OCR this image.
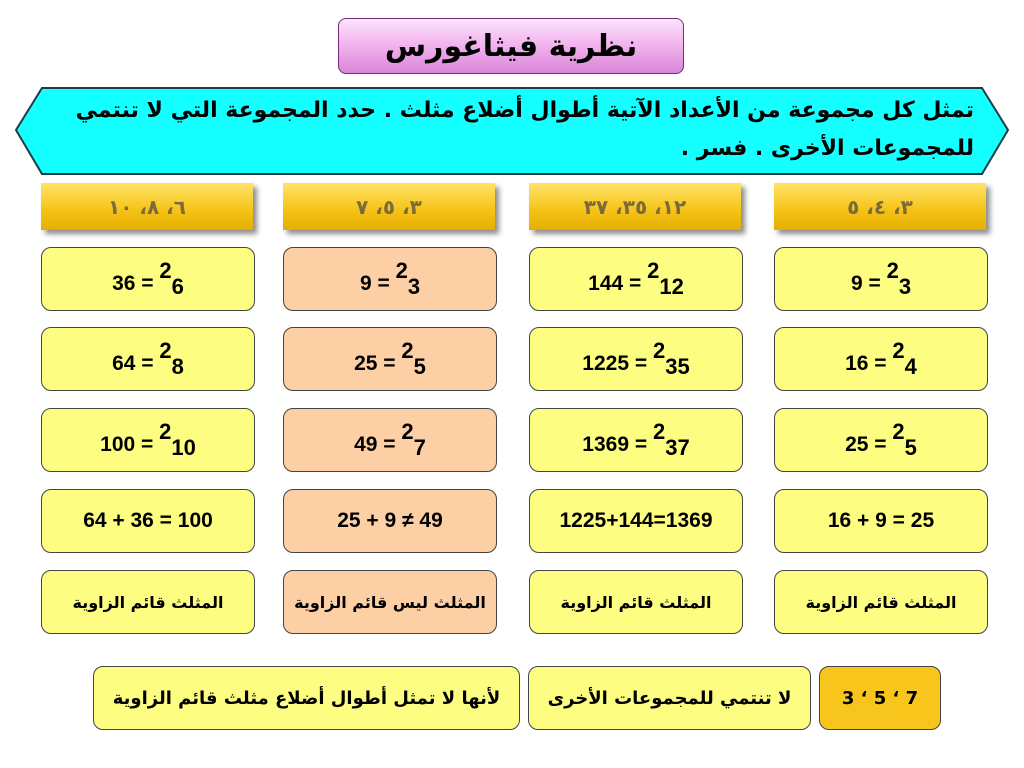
نظرية فيثاغورس
تمثل كل مجموعة من الأعداد الآتية أطوال أضلاع مثلث . حدد المجموعة التي لا تنتمي للمجموعات الأخرى . فسر .
٣، ٤، ٥
9 = $^2_3$
16 = $^2_4$
25 = $^2_5$
16 + 9 = 25
المثلث قائم الزاوية
١٢، ٣٥، ٣٧
144 = $^2_{12}$
1225 = $^2_{35}$
1369 = $^2_{37}$
1225+144=1369
المثلث قائم الزاوية
٣، ٥، ٧
9 = $^2_3$
25 = $^2_5$
49 = $^2_7$
25 + 9 ≠ 49
المثلث ليس قائم الزاوية
٦، ٨، ١٠
36 = $^2_6$
64 = $^2_8$
100 = $^2_{10}$
64 + 36 = 100
المثلث قائم الزاوية
3 ‘ 5 ‘ 7
لا تنتمي للمجموعات الأخرى
لأنها لا تمثل أطوال أضلاع مثلث قائم الزاوية
